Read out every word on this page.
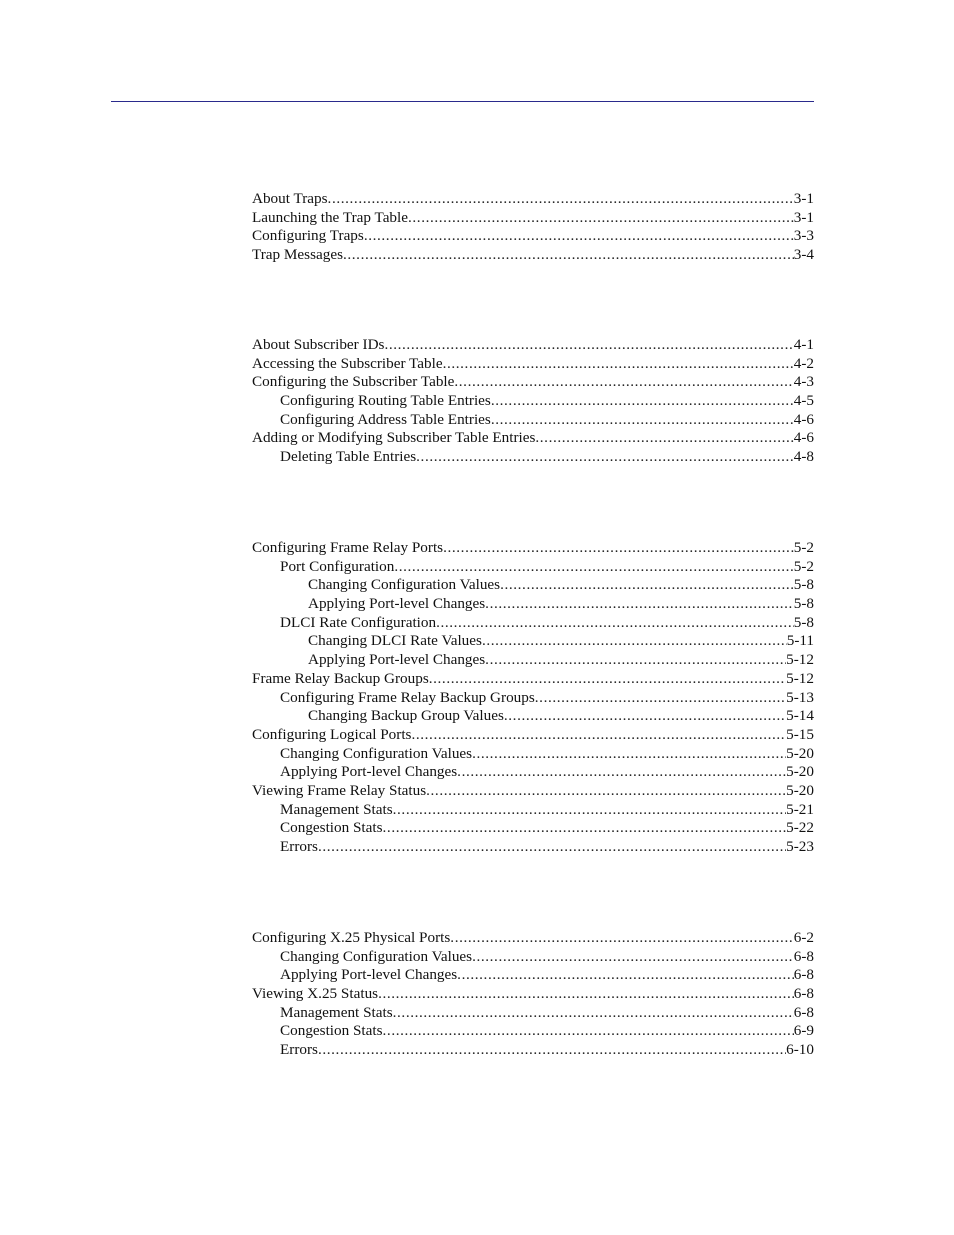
About Traps .....	3-1
Launching the Trap Table .....	3-1
Configuring Traps .....	3-3
Trap Messages .....	3-4
About Subscriber IDs .....	4-1
Accessing the Subscriber Table .....	4-2
Configuring the Subscriber Table .....	4-3
Configuring Routing Table Entries .....	4-5
Configuring Address Table Entries .....	4-6
Adding or Modifying Subscriber Table Entries .....	4-6
Deleting Table Entries .....	4-8
Configuring Frame Relay Ports .....	5-2
Port Configuration .....	5-2
Changing Configuration Values .....	5-8
Applying Port-level Changes .....	5-8
DLCI Rate Configuration .....	5-8
Changing DLCI Rate Values .....	5-11
Applying Port-level Changes .....	5-12
Frame Relay Backup Groups .....	5-12
Configuring Frame Relay Backup Groups .....	5-13
Changing Backup Group Values .....	5-14
Configuring Logical Ports .....	5-15
Changing Configuration Values .....	5-20
Applying Port-level Changes .....	5-20
Viewing Frame Relay Status .....	5-20
Management Stats .....	5-21
Congestion Stats .....	5-22
Errors .....	5-23
Configuring X.25 Physical Ports .....	6-2
Changing Configuration Values .....	6-8
Applying Port-level Changes .....	6-8
Viewing X.25 Status .....	6-8
Management Stats .....	6-8
Congestion Stats .....	6-9
Errors .....	6-10
